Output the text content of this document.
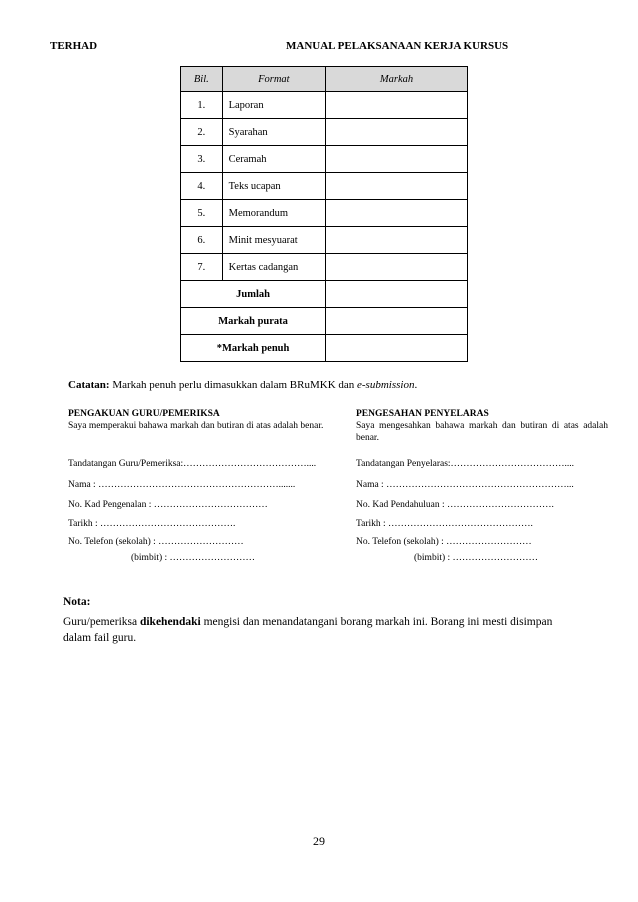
TERHAD	MANUAL PELAKSANAAN KERJA KURSUS
Bil.	Format	Markah
1.	Laporan	
2.	Syarahan	
3.	Ceramah	
4.	Teks ucapan	
5.	Memorandum	
6.	Minit mesyuarat	
7.	Kertas cadangan	
Jumlah		
Markah purata		
*Markah penuh		
Catatan: Markah penuh perlu dimasukkan dalam BRuMKK dan e-submission.
PENGAKUAN GURU/PEMERIKSA
Saya memperakui bahawa markah dan butiran di atas adalah benar.
Tandatangan Guru/Pemeriksa:…………………………………....
Nama : ………………………………………………….......
No. Kad Pengenalan : ………………………………
Tarikh : …………………………………….
No. Telefon (sekolah) : ………………………
(bimbit) : ………………………
PENGESAHAN PENYELARAS
Saya mengesahkan bahawa markah dan butiran di atas adalah benar.
Tandatangan Penyelaras:………………………………....
Nama : …………………………………………………...
No. Kad Pendahuluan : …………………………….
Tarikh : ……………………………………….
No. Telefon (sekolah) : ………………………
(bimbit) : ………………………
Nota:
Guru/pemeriksa dikehendaki mengisi dan menandatangani borang markah ini. Borang ini mesti disimpan dalam fail guru.
29
